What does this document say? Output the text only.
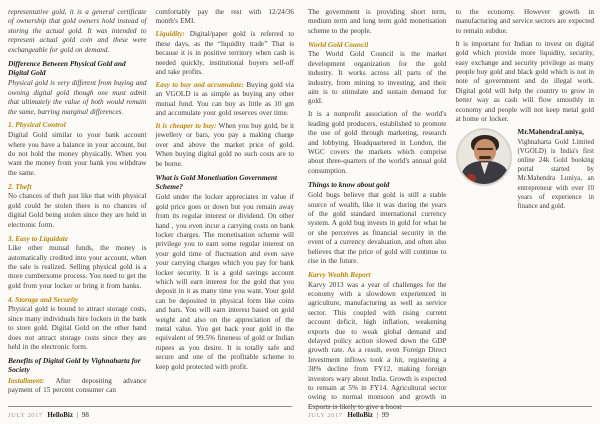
representative gold, it is a general certificate of ownership that gold owners hold instead of storing the actual gold. It was intended to represent actual gold coin and these were exchangeable for gold on demand.

Difference Between Physical Gold and Digital Gold

Physical gold is very different from buying and owning digital gold though one must admit that ultimately the value of both would remain the same, barring marginal differences.

1. Physical Control

Digital Gold similar to your bank account where you have a balance in your account, but do not hold the money physically. When you want the money from your bank you withdraw the same.

2. Theft

No chances of theft just like that with physical gold could be stolen there is no chances of digital Gold being stolen since they are held in electronic form.

3. Easy to Liquidate

Like other mutual funds, the money is automatically credited into your account, when the sale is realized. Selling physical gold is a more cumbersome process. You need to get the gold from your locker or bring it from banks.

4. Storage and Security

Physical gold is bound to attract storage costs, since many individuals hire lockers in the bank to store gold. Digital Gold on the other hand does not attract storage costs since they are held in the electronic form.

Benefits of Digital Gold by Vighnaharta for Society

Installment: After depositing advance payment of 15 percent consumer can

comfortably pay the rest with 12/24/36 month's EMI.

Liquidity: Digital/paper gold is referred to these days, as the “liquidity trade” That is because it is in positive territory when cash is needed quickly, institutional buyers sell-off and take profits.

Easy to buy and accumulate: Buying gold via an VGOLD is as simple as buying any other mutual fund. You can buy as little as 10 gm and accumulate your gold reserves over time.

It is cheaper to buy: When you buy gold, be it jewellery or bars, you pay a making charge over and above the market price of gold. When buying digital gold no such costs are to be borne.

What is Gold Monetisation Government Scheme?

Gold under the locker appreciates in value if gold price goes or down but you remain away from its regular interest or dividend. On other hand , you even incur a carrying costs on bank locker charges. The monetisation scheme will privilege you to earn some regular interest on your gold time of fluctuation and even save your carrying charges which you pay for bank locker security. It is a gold savings account which will earn interest for the gold that you deposit in it as many time you want. Your gold can be deposited in physical form like coins and bars. You will earn interest based on gold weight and also on the appreciation of the metal value. You get back your gold in the equivalent of 99.5% fineness of gold or Indian rupees as you desire. It is totally safe and secure and one of the profitable scheme to keep gold protected with profit.

JULY 2017 HelloBiz | 98

The government is providing short term, medium term and long term gold monetisation scheme to the people.

World Gold Council

The World Gold Council is the market development organization for the gold industry. It works across all parts of the industry, from mining to investing, and their aim is to stimulate and sustain demand for gold.

It is a nonprofit association of the world's leading gold producers, established to promote the use of gold through marketing, research and lobbying. Headquartered in London, the WGC covers the markets which comprise about three-quarters of the world's annual gold consumption.

Things to know about gold

Gold bugs believe that gold is still a stable source of wealth, like it was during the years of the gold standard international currency system. A gold bug invests in gold for what he or she perceives as financial security in the event of a currency devaluation, and often also believes that the price of gold will continue to rise in the future.

Karvy Wealth Report

Karvy 2013 was a year of challenges for the economy with a slowdown experienced in agriculture, manufacturing as well as service sector. This coupled with rising current account deficit, high inflation, weakening exports due to weak global demand and delayed policy action slowed down the GDP growth rate. As a result, even Foreign Direct Investment inflows took a hit, registering a 38% decline from FY12, making foreign investors wary about India. Growth is expected to remain at 5% in FY14. Agricultural sector owing to normal monsoon and growth in Exports is likely to give a boost

to the economy. However growth in manufacturing and service sectors are expected to remain subdue.

It is important for Indian to invest on digital gold which provide more liquidity, security, easy exchange and security privilege as many people buy gold and black gold which is not in note of government and do illegal work. Digital gold will help the country to grow in better way as cash will flow smoothly in economy and people will not keep metal gold at home or locker.

Mr.MahendraLuniya, Vighnaharta Gold Limited (VGOLD) is India's first online 24k Gold booking portal started by Mr.Mahendra Luniya, an entrepreneur with over 10 years of experience in finance and gold.
JULY 2017 HelloBiz | 99
